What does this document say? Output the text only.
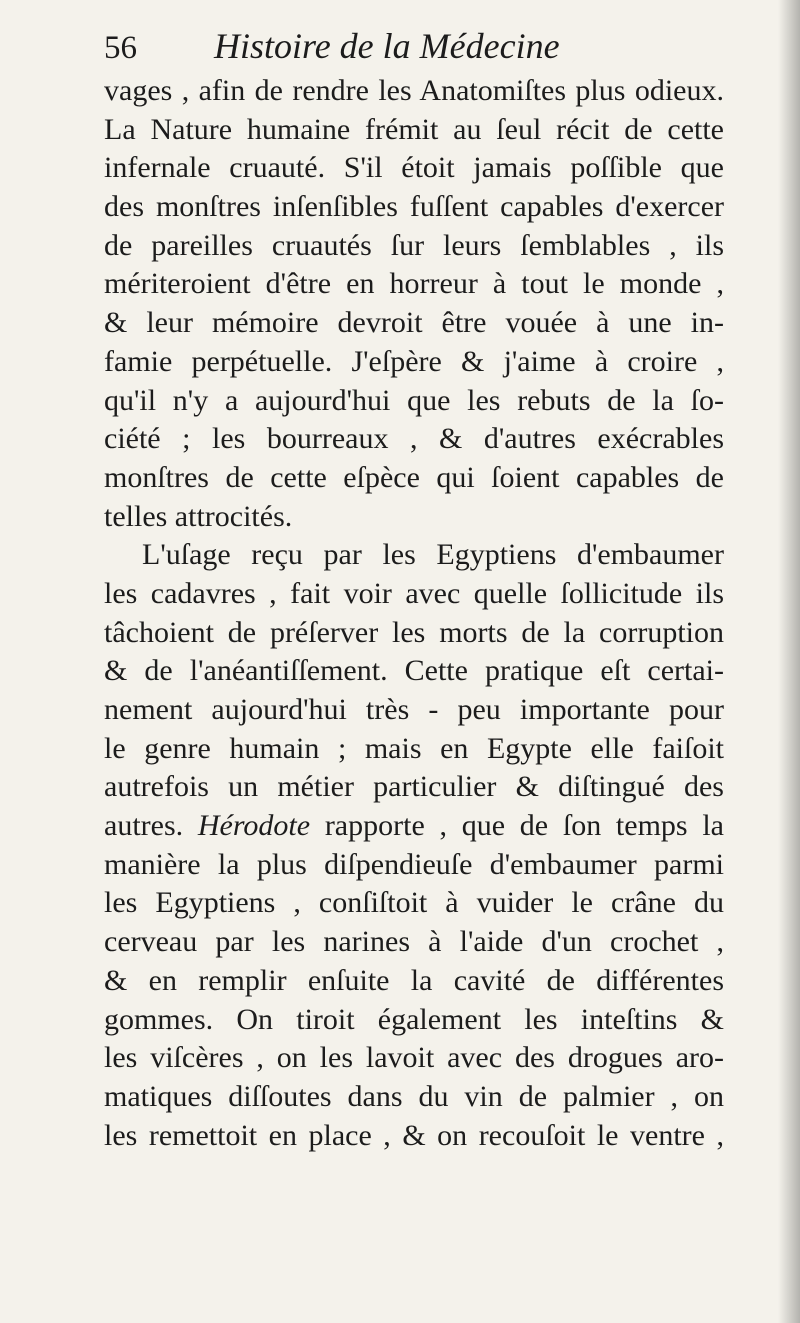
56 Histoire de la Médecine
vages , afin de rendre les Anatomiſtes plus odieux.
La Nature humaine frémit au ſeul récit de cette
infernale cruauté. S'il étoit jamais poſſible que
des monſtres inſenſibles fuſſent capables d'exercer
de pareilles cruautés ſur leurs ſemblables , ils
mériteroient d'être en horreur à tout le monde ,
& leur mémoire devroit être vouée à une in-
famie perpétuelle. J'eſpère & j'aime à croire ,
qu'il n'y a aujourd'hui que les rebuts de la ſo-
ciété ; les bourreaux , & d'autres exécrables
monſtres de cette eſpèce qui ſoient capables de
telles attrocités.
L'uſage reçu par les Egyptiens d'embaumer
les cadavres , fait voir avec quelle ſollicitude ils
tâchoient de préſerver les morts de la corruption
& de l'anéantiſſement. Cette pratique eſt certai-
nement aujourd'hui très - peu importante pour
le genre humain ; mais en Egypte elle faiſoit
autrefois un métier particulier & diſtingué des
autres. Hérodote rapporte , que de ſon temps la
manière la plus diſpendieuſe d'embaumer parmi
les Egyptiens , conſiſtoit à vuider le crâne du
cerveau par les narines à l'aide d'un crochet ,
& en remplir enſuite la cavité de différentes
gommes. On tiroit également les inteſtins &
les viſcères , on les lavoit avec des drogues aro-
matiques diſſoutes dans du vin de palmier , on
les remettoit en place , & on recouſoit le ventre ,
